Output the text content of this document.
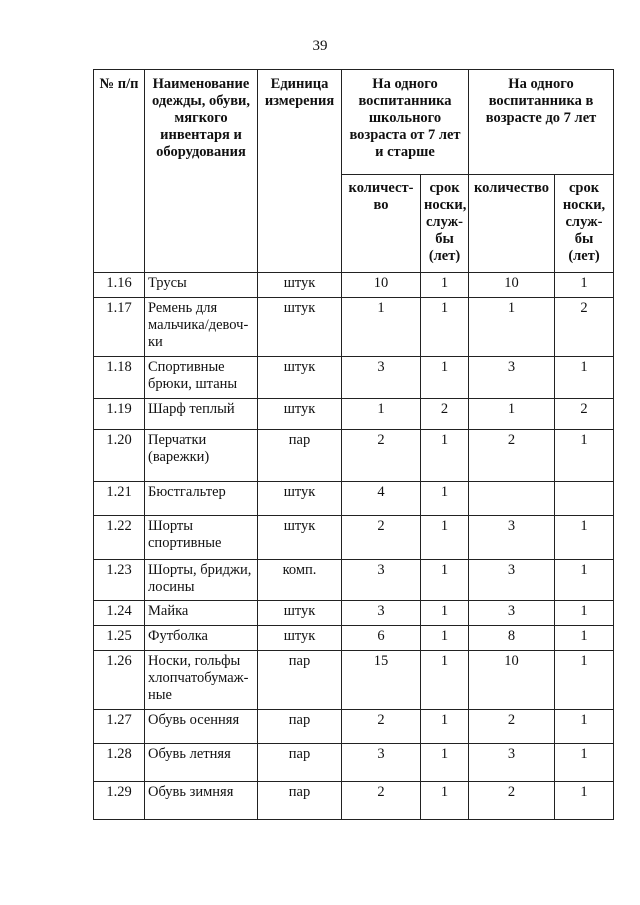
39
№ п/п	Наименование одежды, обуви, мягкого инвентаря и оборудования	Единица измерения	На одного воспитанника школьного возраста от 7 лет и старше		На одного воспитанника в возрасте до 7 лет	
			количест-во	срок носки, служ-бы (лет)	количество	срок носки, служ-бы (лет)
1.16	Трусы	штук	10	1	10	1
1.17	Ремень для мальчика/девоч-ки	штук	1	1	1	2
1.18	Спортивные брюки, штаны	штук	3	1	3	1
1.19	Шарф теплый	штук	1	2	1	2
1.20	Перчатки (варежки)	пар	2	1	2	1
1.21	Бюстгальтер	штук	4	1		
1.22	Шорты спортивные	штук	2	1	3	1
1.23	Шорты, бриджи, лосины	комп.	3	1	3	1
1.24	Майка	штук	3	1	3	1
1.25	Футболка	штук	6	1	8	1
1.26	Носки, гольфы хлопчатобумаж-ные	пар	15	1	10	1
1.27	Обувь осенняя	пар	2	1	2	1
1.28	Обувь летняя	пар	3	1	3	1
1.29	Обувь зимняя	пар	2	1	2	1
